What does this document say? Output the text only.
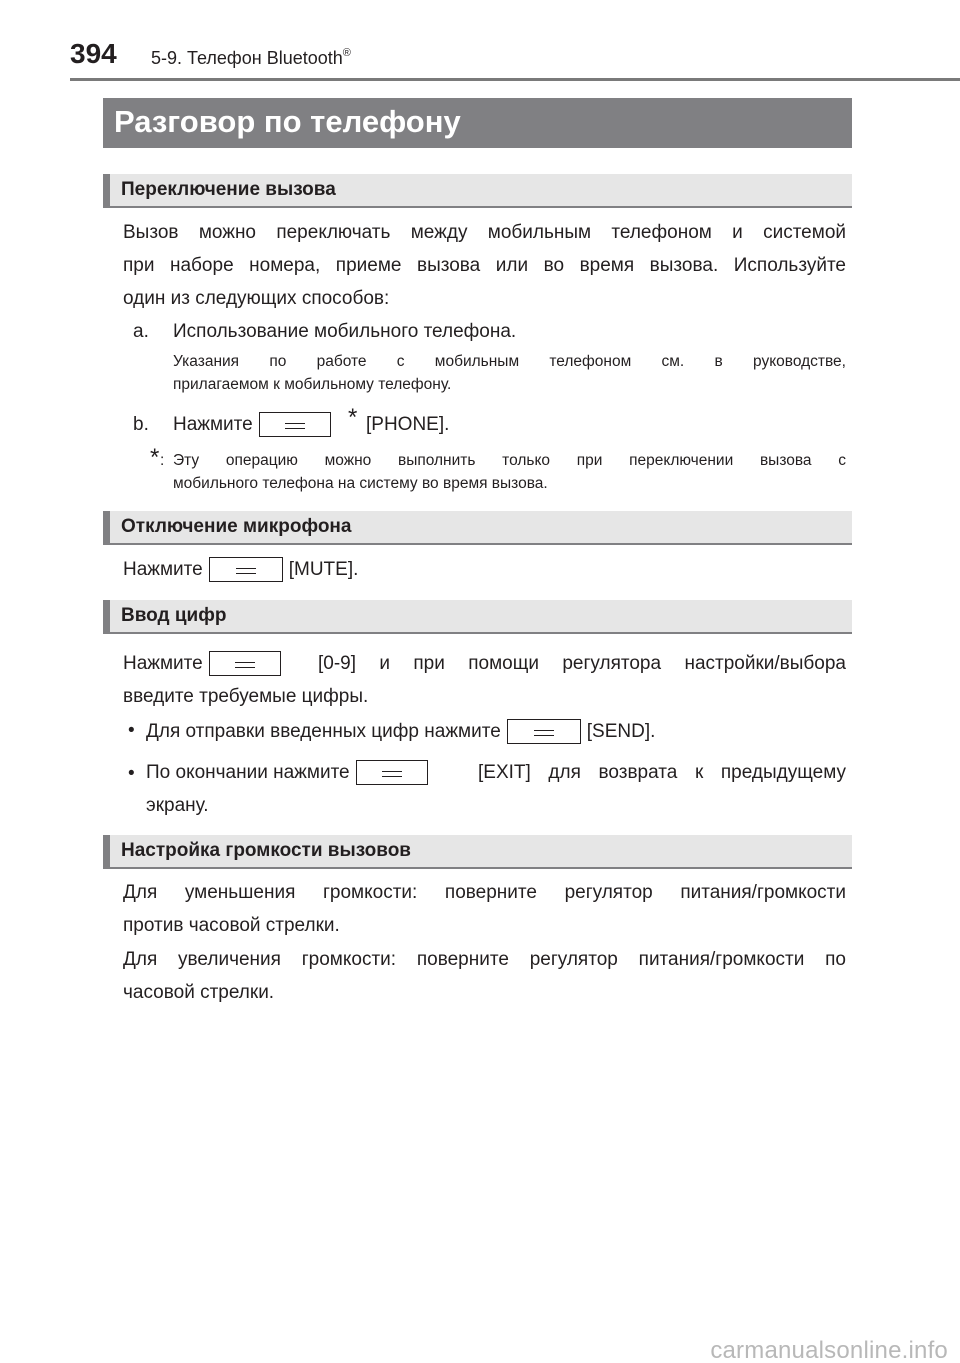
394 5-9. Телефон Bluetooth®
Разговор по телефону
Переключение вызова
Вызов можно переключать между мобильным телефоном и системой
при наборе номера, приеме вызова или во время вызова. Используйте
один из следующих способов:
a. Использование мобильного телефона.
Указания по работе с мобильным телефоном см. в руководстве,
прилагаемом к мобильному телефону.
b. Нажмите	* [PHONE].
* : Эту операцию можно выполнить только при переключении вызова с
мобильного телефона на систему во время вызова.
Отключение микрофона
Нажмите	[MUTE].
Ввод цифр
Нажмите	[0-9] и при помощи регулятора настройки/выбора
введите требуемые цифры.
• Для отправки введенных цифр нажмите	[SEND].
• По окончании нажмите	[EXIT] для возврата к предыдущему
экрану.
Настройка громкости вызовов
Для уменьшения громкости: поверните регулятор питания/громкости
против часовой стрелки.
Для увеличения громкости: поверните регулятор питания/громкости по
часовой стрелки.
carmanualsonline.info
